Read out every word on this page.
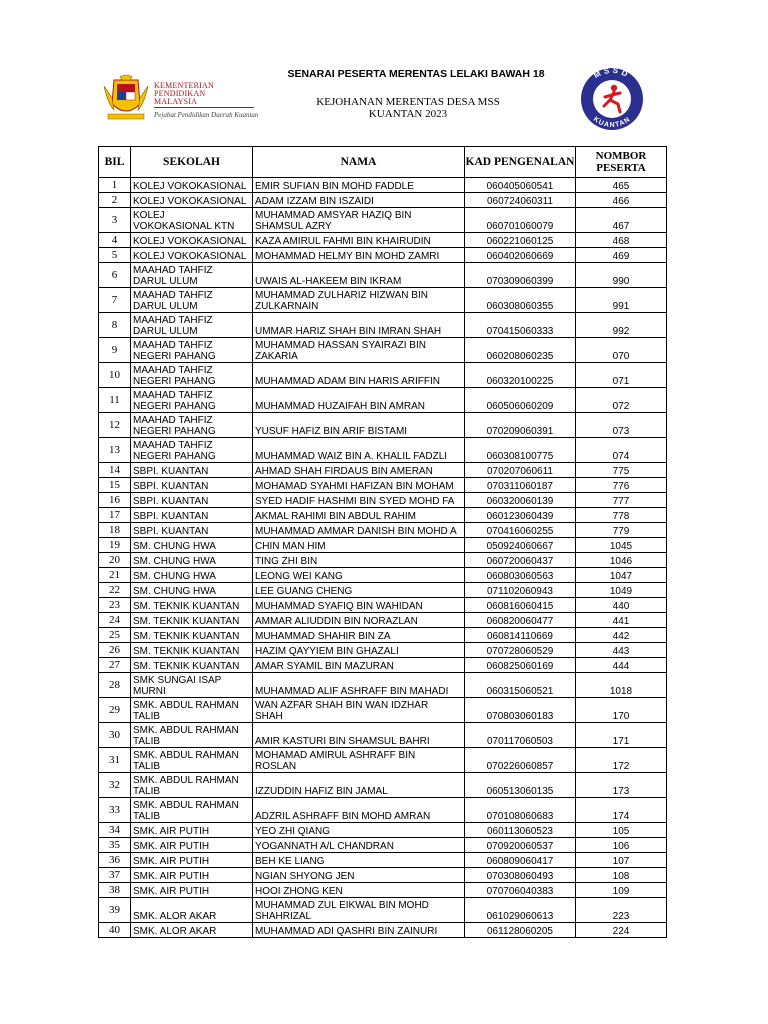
KEMENTERIAN
PENDIDIKAN
MALAYSIA
Pejabat Pendidikan Daerah Kuantan
SENARAI PESERTA MERENTAS LELAKI BAWAH 18
KEJOHANAN MERENTAS DESA MSS
KUANTAN 2023
MSSD
KUANTAN
BIL	SEKOLAH	NAMA	KAD PENGENALAN	NOMBOR
PESERTA
1	KOLEJ VOKOKASIONAL	EMIR SUFIAN BIN MOHD FADDLE	060405060541	465
2	KOLEJ VOKOKASIONAL	ADAM IZZAM BIN ISZAIDI	060724060311	466
3	KOLEJ
VOKOKASIONAL KTN	MUHAMMAD AMSYAR HAZIQ BIN
SHAMSUL AZRY	060701060079	467
4	KOLEJ VOKOKASIONAL	KAZA AMIRUL FAHMI BIN KHAIRUDIN	060221060125	468
5	KOLEJ VOKOKASIONAL	MOHAMMAD HELMY BIN MOHD ZAMRI	060402060669	469
6	MAAHAD TAHFIZ
DARUL ULUM	UWAIS AL-HAKEEM BIN IKRAM	070309060399	990
7	MAAHAD TAHFIZ
DARUL ULUM	MUHAMMAD ZULHARIZ HIZWAN BIN
ZULKARNAIN	060308060355	991
8	MAAHAD TAHFIZ
DARUL ULUM	UMMAR HARIZ SHAH BIN IMRAN SHAH	070415060333	992
9	MAAHAD TAHFIZ
NEGERI PAHANG	MUHAMMAD HASSAN SYAIRAZI BIN
ZAKARIA	060208060235	070
10	MAAHAD TAHFIZ
NEGERI PAHANG	MUHAMMAD ADAM BIN HARIS ARIFFIN	060320100225	071
11	MAAHAD TAHFIZ
NEGERI PAHANG	MUHAMMAD HUZAIFAH BIN AMRAN	060506060209	072
12	MAAHAD TAHFIZ
NEGERI PAHANG	YUSUF HAFIZ BIN ARIF BISTAMI	070209060391	073
13	MAAHAD TAHFIZ
NEGERI PAHANG	MUHAMMAD WAIZ BIN A. KHALIL FADZLI	060308100775	074
14	SBPI. KUANTAN	AHMAD SHAH FIRDAUS BIN AMERAN	070207060611	775
15	SBPI. KUANTAN	MOHAMAD SYAHMI HAFIZAN BIN MOHAM	070311060187	776
16	SBPI. KUANTAN	SYED HADIF HASHMI BIN SYED MOHD FA	060320060139	777
17	SBPI. KUANTAN	AKMAL RAHIMI BIN ABDUL RAHIM	060123060439	778
18	SBPI. KUANTAN	MUHAMMAD AMMAR DANISH BIN MOHD A	070416060255	779
19	SM. CHUNG HWA	CHIN MAN HIM	050924060667	1045
20	SM. CHUNG HWA	TING ZHI BIN	060720060437	1046
21	SM. CHUNG HWA	LEONG WEI KANG	060803060563	1047
22	SM. CHUNG HWA	LEE GUANG CHENG	071102060943	1049
23	SM. TEKNIK KUANTAN	MUHAMMAD SYAFIQ BIN WAHIDAN	060816060415	440
24	SM. TEKNIK KUANTAN	AMMAR ALIUDDIN BIN NORAZLAN	060820060477	441
25	SM. TEKNIK KUANTAN	MUHAMMAD SHAHIR BIN ZA	060814110669	442
26	SM. TEKNIK KUANTAN	HAZIM QAYYIEM BIN GHAZALI	070728060529	443
27	SM. TEKNIK KUANTAN	AMAR SYAMIL BIN MAZURAN	060825060169	444
28	SMK SUNGAI ISAP
MURNI	MUHAMMAD ALIF ASHRAFF BIN MAHADI	060315060521	1018
29	SMK. ABDUL RAHMAN
TALIB	WAN AZFAR SHAH BIN WAN IDZHAR
SHAH	070803060183	170
30	SMK. ABDUL RAHMAN
TALIB	AMIR KASTURI BIN SHAMSUL BAHRI	070117060503	171
31	SMK. ABDUL RAHMAN
TALIB	MOHAMAD AMIRUL ASHRAFF BIN
ROSLAN	070226060857	172
32	SMK. ABDUL RAHMAN
TALIB	IZZUDDIN HAFIZ BIN JAMAL	060513060135	173
33	SMK. ABDUL RAHMAN
TALIB	ADZRIL ASHRAFF BIN MOHD AMRAN	070108060683	174
34	SMK. AIR PUTIH	YEO ZHI QIANG	060113060523	105
35	SMK. AIR PUTIH	YOGANNATH A/L CHANDRAN	070920060537	106
36	SMK. AIR PUTIH	BEH KE LIANG	060809060417	107
37	SMK. AIR PUTIH	NGIAN SHYONG JEN	070308060493	108
38	SMK. AIR PUTIH	HOOI ZHONG KEN	070706040383	109
39	SMK. ALOR AKAR	MUHAMMAD ZUL EIKWAL BIN MOHD
SHAHRIZAL	061029060613	223
40	SMK. ALOR AKAR	MUHAMMAD ADI QASHRI BIN ZAINURI	061128060205	224
